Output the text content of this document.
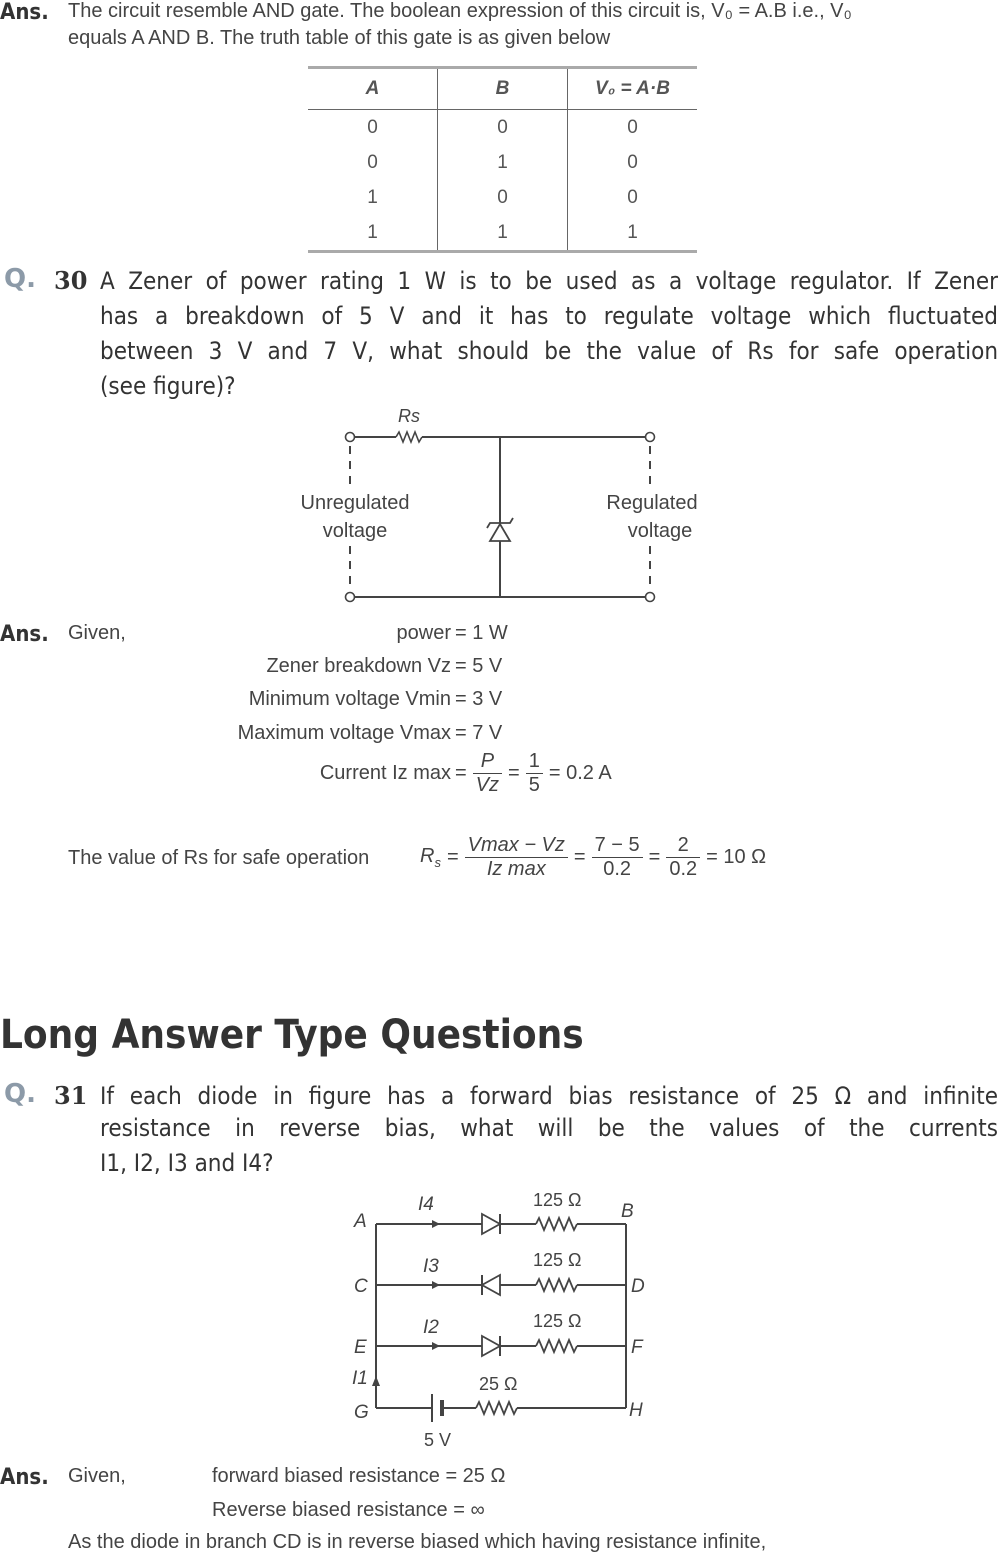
Ans. The circuit resemble AND gate. The boolean expression of this circuit is, V₀ = A.B i.e., V₀
equals A AND B. The truth table of this gate is as given below
A	B	V₀ = A·B
0	0	0
0	1	0
1	0	0
1	1	1
Q. 30 A Zener of power rating 1 W is to be used as a voltage regulator. If Zener
has a breakdown of 5 V and it has to regulate voltage which fluctuated
between 3 V and 7 V, what should be the value of Rs for safe operation
(see figure)?
Rs
Unregulated
voltage
Regulated
voltage
Ans. Given,	power = 1 W
Zener breakdown Vz = 5 V
Minimum voltage Vmin = 3 V
Maximum voltage Vmax = 7 V
Current Iz $\max = \frac{P}{Vz} = \frac{1}{5} = 0.2$ A
The value of Rs for safe operation	$R_s = \frac{Vmax - Vz}{\text{Iz max}} = \frac{7 - 5}{0.2} = \frac{2}{0.2} = 10$ Ω
Long Answer Type Questions
Q. 31 If each diode in figure has a forward bias resistance of 25 Ω and infinite
resistance in reverse bias, what will be the values of the currents
I1, I2, I3 and I4?
A	B
C	D
E	F
G	H
I4
I3
I2
I1
125 Ω
125 Ω
125 Ω
25 Ω
5 V
Ans. Given,	forward biased resistance = 25 Ω
Reverse biased resistance = ∞
As the diode in branch CD is in reverse biased which having resistance infinite,
